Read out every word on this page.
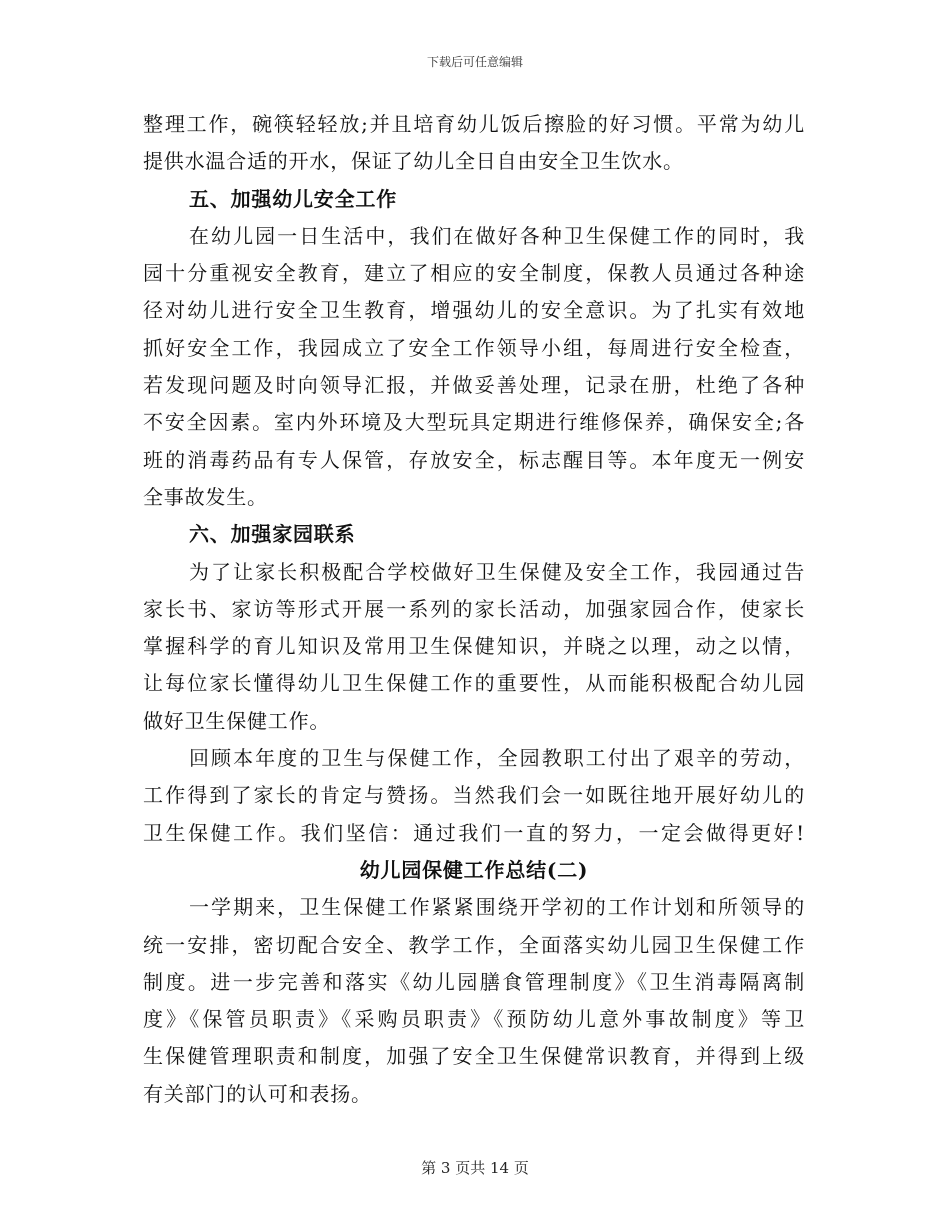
下载后可任意编辑
整理工作，碗筷轻轻放;并且培育幼儿饭后擦脸的好习惯。平常为幼儿
提供水温合适的开水，保证了幼儿全日自由安全卫生饮水。
五、加强幼儿安全工作
在幼儿园一日生活中，我们在做好各种卫生保健工作的同时，我
园十分重视安全教育，建立了相应的安全制度，保教人员通过各种途
径对幼儿进行安全卫生教育，增强幼儿的安全意识。为了扎实有效地
抓好安全工作，我园成立了安全工作领导小组，每周进行安全检查，
若发现问题及时向领导汇报，并做妥善处理，记录在册，杜绝了各种
不安全因素。室内外环境及大型玩具定期进行维修保养，确保安全;各
班的消毒药品有专人保管，存放安全，标志醒目等。本年度无一例安
全事故发生。
六、加强家园联系
为了让家长积极配合学校做好卫生保健及安全工作，我园通过告
家长书、家访等形式开展一系列的家长活动，加强家园合作，使家长
掌握科学的育儿知识及常用卫生保健知识，并晓之以理，动之以情，
让每位家长懂得幼儿卫生保健工作的重要性，从而能积极配合幼儿园
做好卫生保健工作。
回顾本年度的卫生与保健工作，全园教职工付出了艰辛的劳动，
工作得到了家长的肯定与赞扬。当然我们会一如既往地开展好幼儿的
卫生保健工作。我们坚信：通过我们一直的努力，一定会做得更好!
幼儿园保健工作总结(二)
一学期来，卫生保健工作紧紧围绕开学初的工作计划和所领导的
统一安排，密切配合安全、教学工作，全面落实幼儿园卫生保健工作
制度。进一步完善和落实《幼儿园膳食管理制度》《卫生消毒隔离制
度》《保管员职责》《采购员职责》《预防幼儿意外事故制度》等卫
生保健管理职责和制度，加强了安全卫生保健常识教育，并得到上级
有关部门的认可和表扬。
第 3 页共 14 页
